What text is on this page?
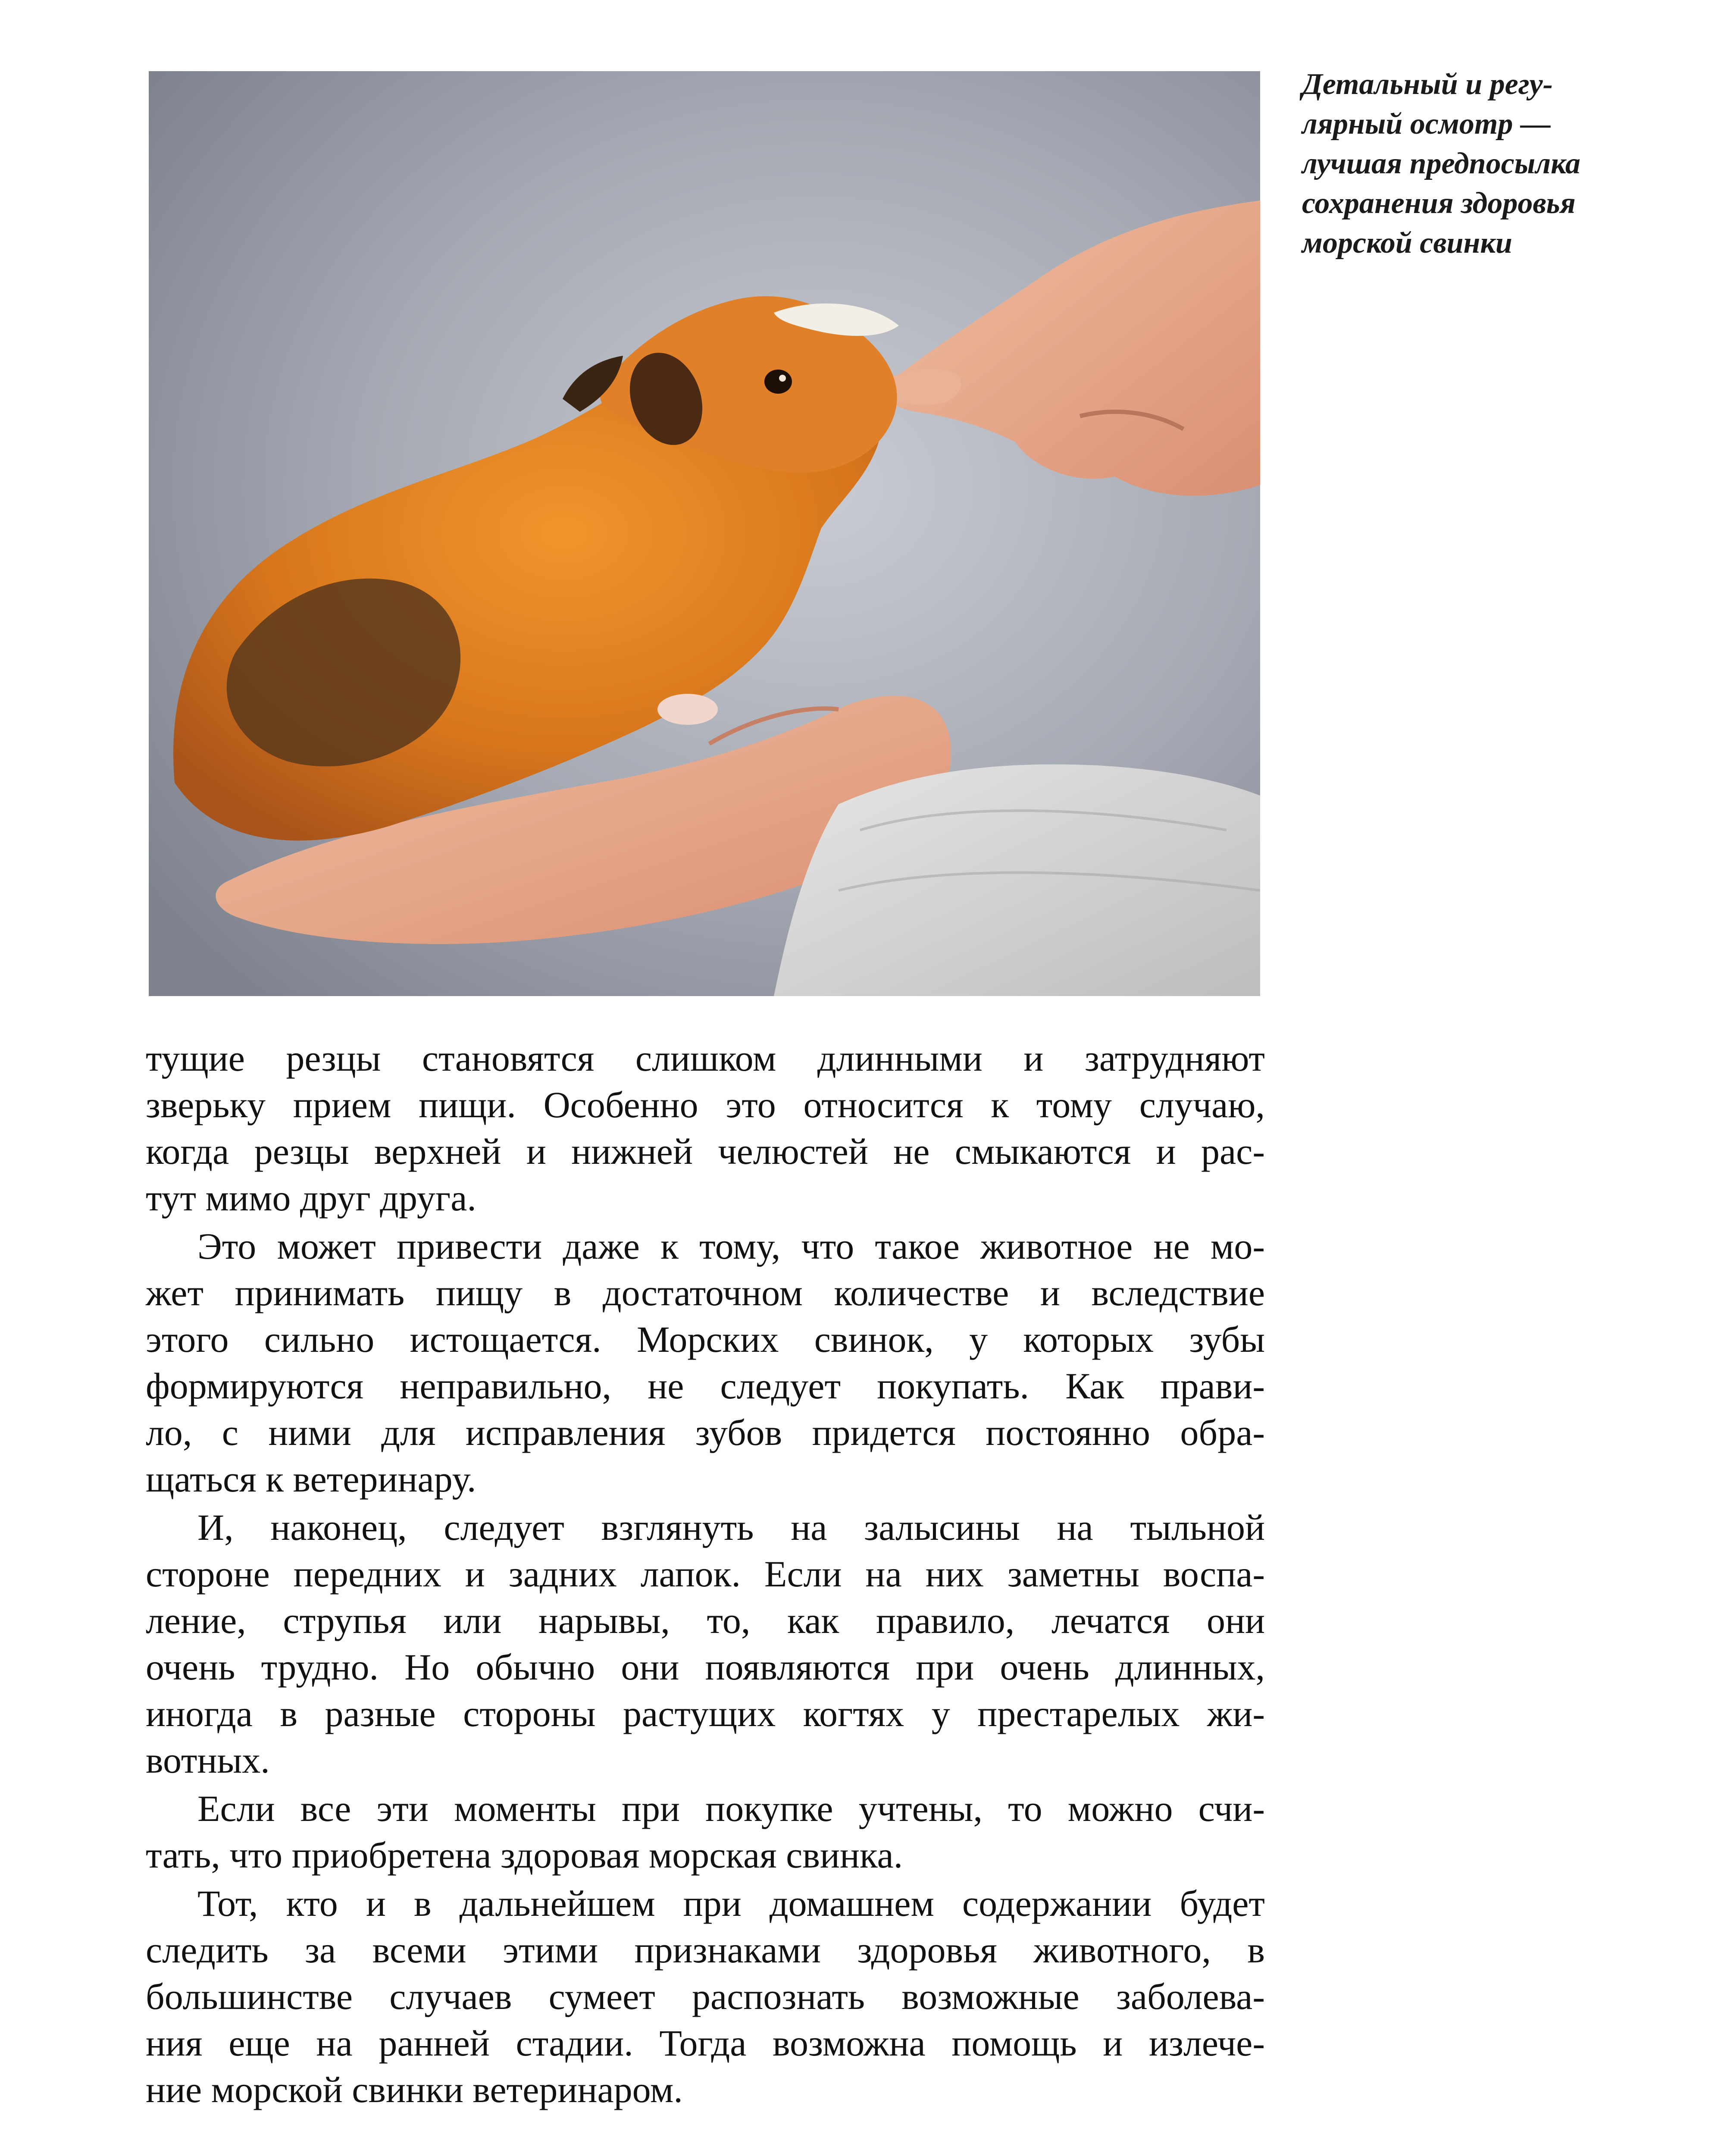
Детальный и регу-
лярный осмотр —
лучшая предпосылка
сохранения здоровья
морской свинки
тущие резцы становятся слишком длинными и затрудняют
зверьку прием пищи. Особенно это относится к тому случаю,
когда резцы верхней и нижней челюстей не смыкаются и рас-
тут мимо друг друга.
Это может привести даже к тому, что такое животное не мо-
жет принимать пищу в достаточном количестве и вследствие
этого сильно истощается. Морских свинок, у которых зубы
формируются неправильно, не следует покупать. Как прави-
ло, с ними для исправления зубов придется постоянно обра-
щаться к ветеринару.
И, наконец, следует взглянуть на залысины на тыльной
стороне передних и задних лапок. Если на них заметны воспа-
ление, струпья или нарывы, то, как правило, лечатся они
очень трудно. Но обычно они появляются при очень длинных,
иногда в разные стороны растущих когтях у престарелых жи-
вотных.
Если все эти моменты при покупке учтены, то можно счи-
тать, что приобретена здоровая морская свинка.
Тот, кто и в дальнейшем при домашнем содержании будет
следить за всеми этими признаками здоровья животного, в
большинстве случаев сумеет распознать возможные заболева-
ния еще на ранней стадии. Тогда возможна помощь и излече-
ние морской свинки ветеринаром.
